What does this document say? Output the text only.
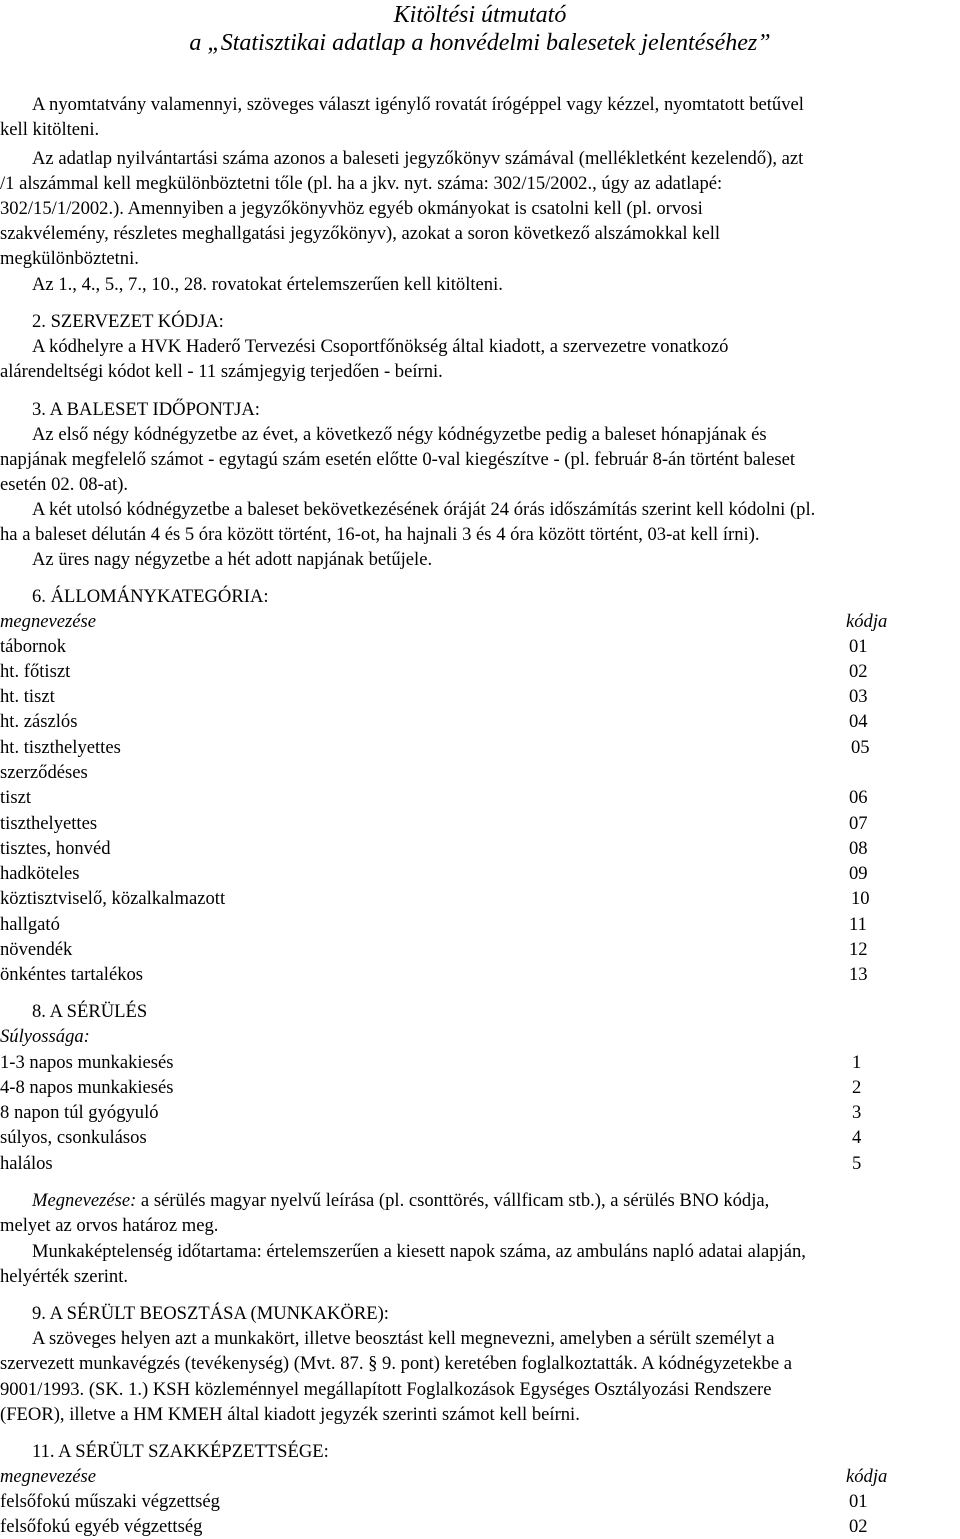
Kitöltési útmutató
a „Statisztikai adatlap a honvédelmi balesetek jelentéséhez”
A nyomtatvány valamennyi, szöveges választ igénylő rovatát írógéppel vagy kézzel, nyomtatott betűvel
kell kitölteni.
Az adatlap nyilvántartási száma azonos a baleseti jegyzőkönyv számával (mellékletként kezelendő), azt
/1 alszámmal kell megkülönböztetni tőle (pl. ha a jkv. nyt. száma: 302/15/2002., úgy az adatlapé:
302/15/1/2002.). Amennyiben a jegyzőkönyvhöz egyéb okmányokat is csatolni kell (pl. orvosi
szakvélemény, részletes meghallgatási jegyzőkönyv), azokat a soron következő alszámokkal kell
megkülönböztetni.
Az 1., 4., 5., 7., 10., 28. rovatokat értelemszerűen kell kitölteni.
2. SZERVEZET KÓDJA:
A kódhelyre a HVK Haderő Tervezési Csoportfőnökség által kiadott, a szervezetre vonatkozó
alárendeltségi kódot kell - 11 számjegyig terjedően - beírni.
3. A BALESET IDŐPONTJA:
Az első négy kódnégyzetbe az évet, a következő négy kódnégyzetbe pedig a baleset hónapjának és
napjának megfelelő számot - egytagú szám esetén előtte 0-val kiegészítve - (pl. február 8-án történt baleset
esetén 02. 08-at).
A két utolsó kódnégyzetbe a baleset bekövetkezésének óráját 24 órás időszámítás szerint kell kódolni (pl.
ha a baleset délután 4 és 5 óra között történt, 16-ot, ha hajnali 3 és 4 óra között történt, 03-at kell írni).
Az üres nagy négyzetbe a hét adott napjának betűjele.
6. ÁLLOMÁNYKATEGÓRIA:
megnevezése	kódja
tábornok	01
ht. főtiszt	02
ht. tiszt	03
ht. zászlós	04
ht. tiszthelyettes	05
szerződéses
tiszt	06
tiszthelyettes	07
tisztes, honvéd	08
hadköteles	09
köztisztviselő, közalkalmazott	10
hallgató	11
növendék	12
önkéntes tartalékos	13
8. A SÉRÜLÉS
Súlyossága:
1-3 napos munkakiesés	1
4-8 napos munkakiesés	2
8 napon túl gyógyuló	3
súlyos, csonkulásos	4
halálos	5
Megnevezése: a sérülés magyar nyelvű leírása (pl. csonttörés, vállficam stb.), a sérülés BNO kódja,
melyet az orvos határoz meg.
Munkaképtelenség időtartama: értelemszerűen a kiesett napok száma, az ambuláns napló adatai alapján,
helyérték szerint.
9. A SÉRÜLT BEOSZTÁSA (MUNKAKÖRE):
A szöveges helyen azt a munkakört, illetve beosztást kell megnevezni, amelyben a sérült személyt a
szervezett munkavégzés (tevékenység) (Mvt. 87. § 9. pont) keretében foglalkoztatták. A kódnégyzetekbe a
9001/1993. (SK. 1.) KSH közleménnyel megállapított Foglalkozások Egységes Osztályozási Rendszere
(FEOR), illetve a HM KMEH által kiadott jegyzék szerinti számot kell beírni.
11. A SÉRÜLT SZAKKÉPZETTSÉGE:
megnevezése	kódja
felsőfokú műszaki végzettség	01
felsőfokú egyéb végzettség	02
